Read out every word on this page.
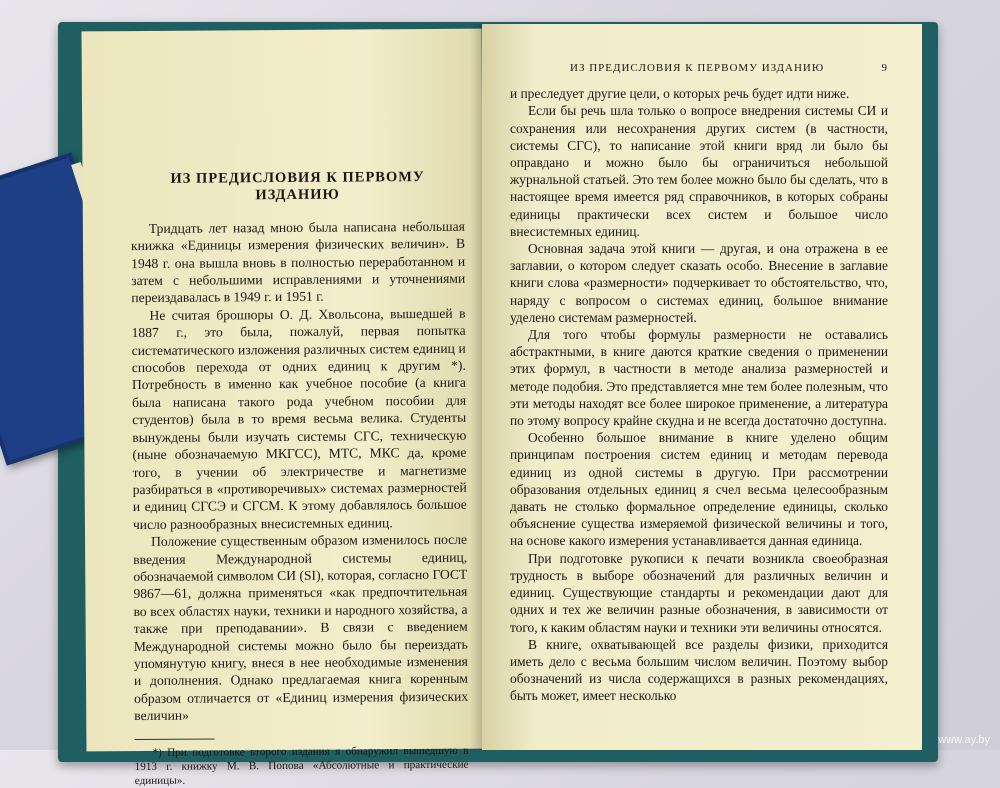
ИЗ ПРЕДИСЛОВИЯ К ПЕРВОМУ ИЗДАНИЮ

Тридцать лет назад мною была написана небольшая книжка «Единицы измерения физических величин». В 1948 г. она вышла вновь в полностью переработанном и затем с небольшими исправлениями и уточнениями переиздавалась в 1949 г. и 1951 г.

Не считая брошюры О. Д. Хвольсона, вышедшей в 1887 г., это была, пожалуй, первая попытка систематического изложения различных систем единиц и способов перехода от одних единиц к другим *). Потребность в именно как учебное пособие (а книга была написана такого рода учебном пособии для студентов) была в то время весьма велика. Студенты вынуждены были изучать системы СГС, техническую (ныне обозначаемую МКГСС), МТС, МКС да, кроме того, в учении об электричестве и магнетизме разбираться в «противоречивых» системах размерностей и единиц СГСЭ и СГСМ. К этому добавлялось большое число разнообразных внесистемных единиц.

Положение существенным образом изменилось после введения Международной системы единиц, обозначаемой символом СИ (SI), которая, согласно ГОСТ 9867—61, должна применяться «как предпочтительная во всех областях науки, техники и народного хозяйства, а также при преподавании». В связи с введением Международной системы можно было бы переиздать упомянутую книгу, внеся в нее необходимые изменения и дополнения. Однако предлагаемая книга коренным образом отличается от «Единиц измерения физических величин»

*) При подготовке второго издания я обнаружил вышедшую в 1913 г. книжку М. В. Попова «Абсолютные и практические единицы».

ИЗ ПРЕДИСЛОВИЯ К ПЕРВОМУ ИЗДАНИЮ	9

и преследует другие цели, о которых речь будет идти ниже.

Если бы речь шла только о вопросе внедрения системы СИ и сохранения или несохранения других систем (в частности, системы СГС), то написание этой книги вряд ли было бы оправдано и можно было бы ограничиться небольшой журнальной статьей. Это тем более можно было бы сделать, что в настоящее время имеется ряд справочников, в которых собраны единицы практически всех систем и большое число внесистемных единиц.

Основная задача этой книги — другая, и она отражена в ее заглавии, о котором следует сказать особо. Внесение в заглавие книги слова «размерности» подчеркивает то обстоятельство, что, наряду с вопросом о системах единиц, большое внимание уделено системам размерностей.

Для того чтобы формулы размерности не оставались абстрактными, в книге даются краткие сведения о применении этих формул, в частности в методе анализа размерностей и методе подобия. Это представляется мне тем более полезным, что эти методы находят все более широкое применение, а литература по этому вопросу крайне скудна и не всегда достаточно доступна.

Особенно большое внимание в книге уделено общим принципам построения систем единиц и методам перевода единиц из одной системы в другую. При рассмотрении образования отдельных единиц я счел весьма целесообразным давать не столько формальное определение единицы, сколько объяснение существа измеряемой физической величины и того, на основе какого измерения устанавливается данная единица.

При подготовке рукописи к печати возникла своеобразная трудность в выборе обозначений для различных величин и единиц. Существующие стандарты и рекомендации дают для одних и тех же величин разные обозначения, в зависимости от того, к каким областям науки и техники эти величины относятся.

В книге, охватывающей все разделы физики, приходится иметь дело с весьма большим числом величин. Поэтому выбор обозначений из числа содержащихся в разных рекомендациях, быть может, имеет несколько

www.ay.by
